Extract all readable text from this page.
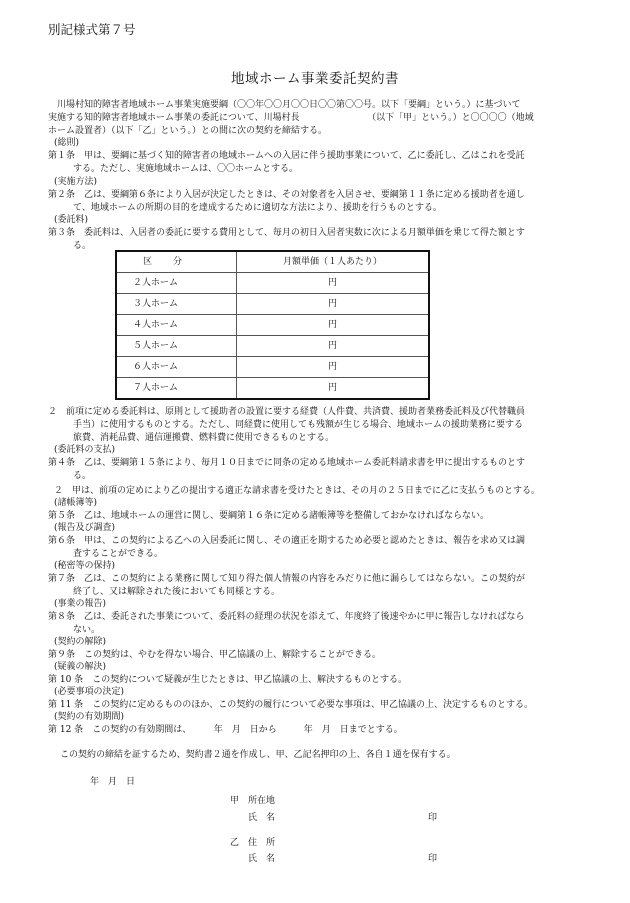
別記様式第７号
地域ホーム事業委託契約書
　川場村知的障害者地域ホーム事業実施要綱（〇〇年〇〇月〇〇日〇〇第〇〇号。以下「要綱」という。）に基づいて
実施する知的障害者地域ホーム事業の委託について、川場村長　　　　　　　　（以下「甲」という。）と〇〇〇〇（地域
ホーム設置者）（以下「乙」という。）との間に次の契約を締結する。
(総則)
第１条　 甲は、要綱に基づく知的障害者の地域ホームへの入居に伴う援助事業について、乙に委託し、乙はこれを受託
する。ただし、実施地域ホームは、〇〇ホームとする。
(実施方法)
第２条　 乙は、要綱第６条により入居が決定したときは、その対象者を入居させ、要綱第１１条に定める援助者を通し
て、地域ホームの所期の目的を達成するために適切な方法により、援助を行うものとする。
(委託料)
第３条　 委託料は、入居者の委託に要する費用として、毎月の初日入居者実数に次による月額単価を乗じて得た額とす
る。
区　分	月額単価（１人あたり）
２人ホーム	円
３人ホーム	円
４人ホーム	円
５人ホーム	円
６人ホーム	円
７人ホーム	円
２　 前項に定める委託料は、原則として援助者の設置に要する経費（人件費、共済費、援助者業務委託料及び代替職員
手当）に使用するものとする。ただし、同経費に使用しても残額が生じる場合、地域ホームの援助業務に要する
旅費、消耗品費、通信運搬費、燃料費に使用できるものとする。
(委託料の支払)
第４条　 乙は、要綱第１５条により、毎月１０日までに同条の定める地域ホーム委託料請求書を甲に提出するものとす
る。
２　 甲は、前項の定めにより乙の提出する適正な請求書を受けたときは、その月の２５日までに乙に支払うものとする。
(諸帳簿等)
第５条　 乙は、地域ホームの運営に関し、要綱第１６条に定める諸帳簿等を整備しておかなければならない。
(報告及び調査)
第６条　 甲は、この契約による乙への入居委託に関し、その適正を期するため必要と認めたときは、報告を求め又は調
査することができる。
(秘密等の保持)
第７条　 乙は、この契約による業務に関して知り得た個人情報の内容をみだりに他に漏らしてはならない。この契約が
終了し、又は解除された後においても同様とする。
(事業の報告)
第８条　 乙は、委託された事業について、委託料の経理の状況を添えて、年度終了後速やかに甲に報告しなければなら
ない。
(契約の解除)
第９条　 この契約は、やむを得ない場合、甲乙協議の上、解除することができる。
(疑義の解決)
第 10 条　 この契約について疑義が生じたときは、甲乙協議の上、解決するものとする。
(必要事項の決定)
第 11 条　 この契約に定めるもののほか、この契約の履行について必要な事項は、甲乙協議の上、決定するものとする。
(契約の有効期間)
第 12 条　 この契約の有効期間は、　　　年　月　日から　　　年　月　日までとする。
この契約の締結を証するため、契約書２通を作成し、甲、乙記名押印の上、各自１通を保有する。
年　月　日
甲 所在地
氏　名	印
乙 住　所
氏　名	印
